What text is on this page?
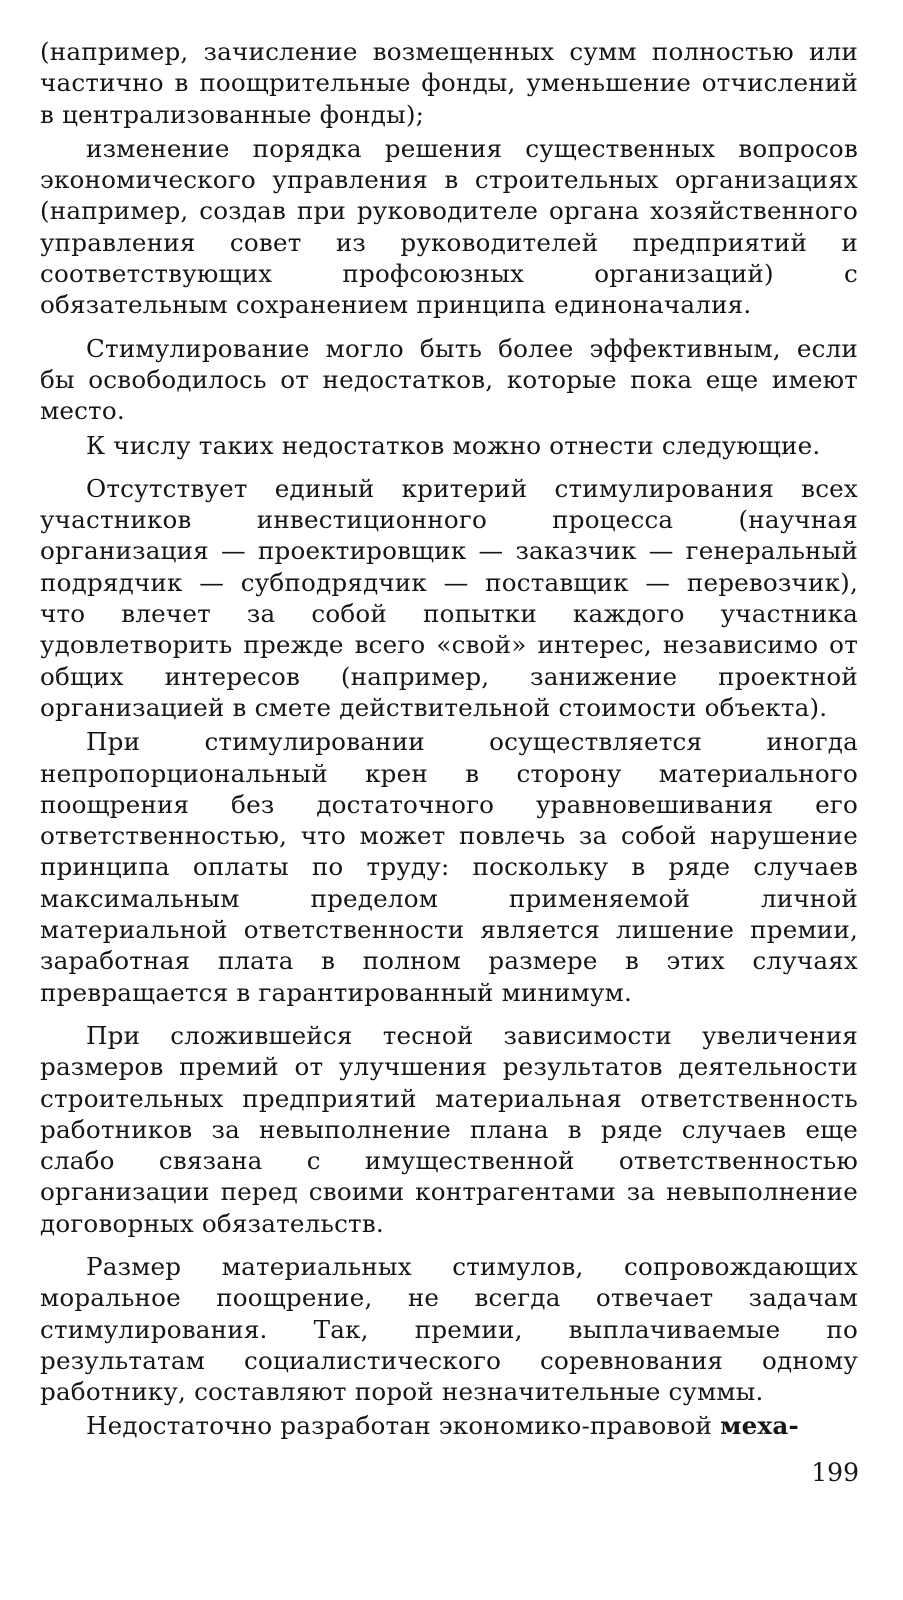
(например, зачисление возмещенных сумм полностью или частично в поощрительные фонды, уменьшение отчислений в централизованные фонды);

изменение порядка решения существенных вопросов экономического управления в строительных организациях (например, создав при руководителе органа хозяйственного управления совет из руководителей предприятий и соответствующих профсоюзных организаций) с обязательным сохранением принципа единоначалия.

Стимулирование могло быть более эффективным, если бы освободилось от недостатков, которые пока еще имеют место.

К числу таких недостатков можно отнести следующие.

Отсутствует единый критерий стимулирования всех участников инвестиционного процесса (научная организация — проектировщик — заказчик — генеральный подрядчик — субподрядчик — поставщик — перевозчик), что влечет за собой попытки каждого участника удовлетворить прежде всего «свой» интерес, независимо от общих интересов (например, занижение проектной организацией в смете действительной стоимости объекта).

При стимулировании осуществляется иногда непропорциональный крен в сторону материального поощрения без достаточного уравновешивания его ответственностью, что может повлечь за собой нарушение принципа оплаты по труду: поскольку в ряде случаев максимальным пределом применяемой личной материальной ответственности является лишение премии, заработная плата в полном размере в этих случаях превращается в гарантированный минимум.

При сложившейся тесной зависимости увеличения размеров премий от улучшения результатов деятельности строительных предприятий материальная ответственность работников за невыполнение плана в ряде случаев еще слабо связана с имущественной ответственностью организации перед своими контрагентами за невыполнение договорных обязательств.

Размер материальных стимулов, сопровождающих моральное поощрение, не всегда отвечает задачам стимулирования. Так, премии, выплачиваемые по результатам социалистического соревнования одному работнику, составляют порой незначительные суммы.

Недостаточно разработан экономико-правовой меха-

199
